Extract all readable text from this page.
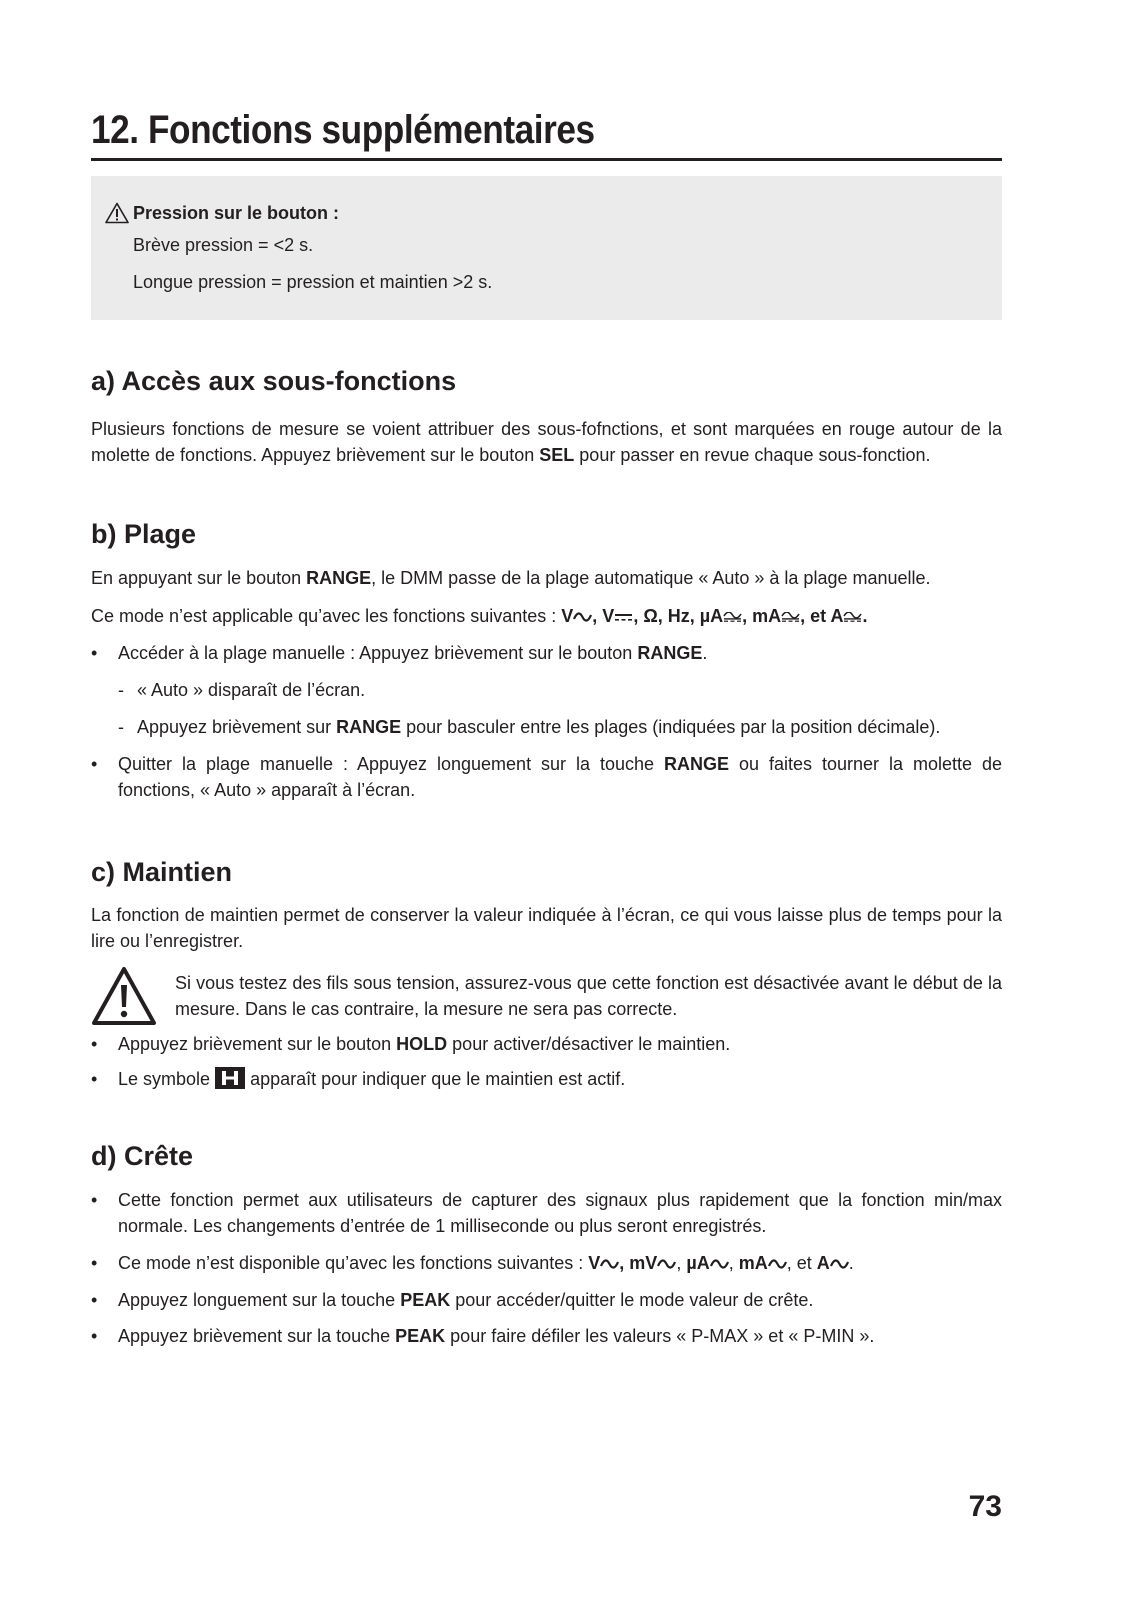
12. Fonctions supplémentaires
Pression sur le bouton :
Brève pression = <2 s.
Longue pression = pression et maintien >2 s.
a) Accès aux sous-fonctions
Plusieurs fonctions de mesure se voient attribuer des sous-fofnctions, et sont marquées en rouge autour de la molette de fonctions. Appuyez brièvement sur le bouton SEL pour passer en revue chaque sous-fonction.
b) Plage
En appuyant sur le bouton RANGE, le DMM passe de la plage automatique « Auto » à la plage manuelle.
Ce mode n’est applicable qu’avec les fonctions suivantes : V , V , Ω, Hz, µA , mA , et A .
• Accéder à la plage manuelle : Appuyez brièvement sur le bouton RANGE.
- « Auto » disparaît de l’écran.
- Appuyez brièvement sur RANGE pour basculer entre les plages (indiquées par la position décimale).
• Quitter la plage manuelle : Appuyez longuement sur la touche RANGE ou faites tourner la molette de fonctions, « Auto » apparaît à l’écran.
c) Maintien
La fonction de maintien permet de conserver la valeur indiquée à l’écran, ce qui vous laisse plus de temps pour la lire ou l’enregistrer.
Si vous testez des fils sous tension, assurez-vous que cette fonction est désactivée avant le début de la mesure. Dans le cas contraire, la mesure ne sera pas correcte.
• Appuyez brièvement sur le bouton HOLD pour activer/désactiver le maintien.
• Le symbole  apparaît pour indiquer que le maintien est actif.
d) Crête
• Cette fonction permet aux utilisateurs de capturer des signaux plus rapidement que la fonction min/max normale. Les changements d’entrée de 1 milliseconde ou plus seront enregistrés.
• Ce mode n’est disponible qu’avec les fonctions suivantes : V , mV , µA , mA , et A .
• Appuyez longuement sur la touche PEAK pour accéder/quitter le mode valeur de crête.
• Appuyez brièvement sur la touche PEAK pour faire défiler les valeurs « P-MAX » et « P-MIN ».
73
